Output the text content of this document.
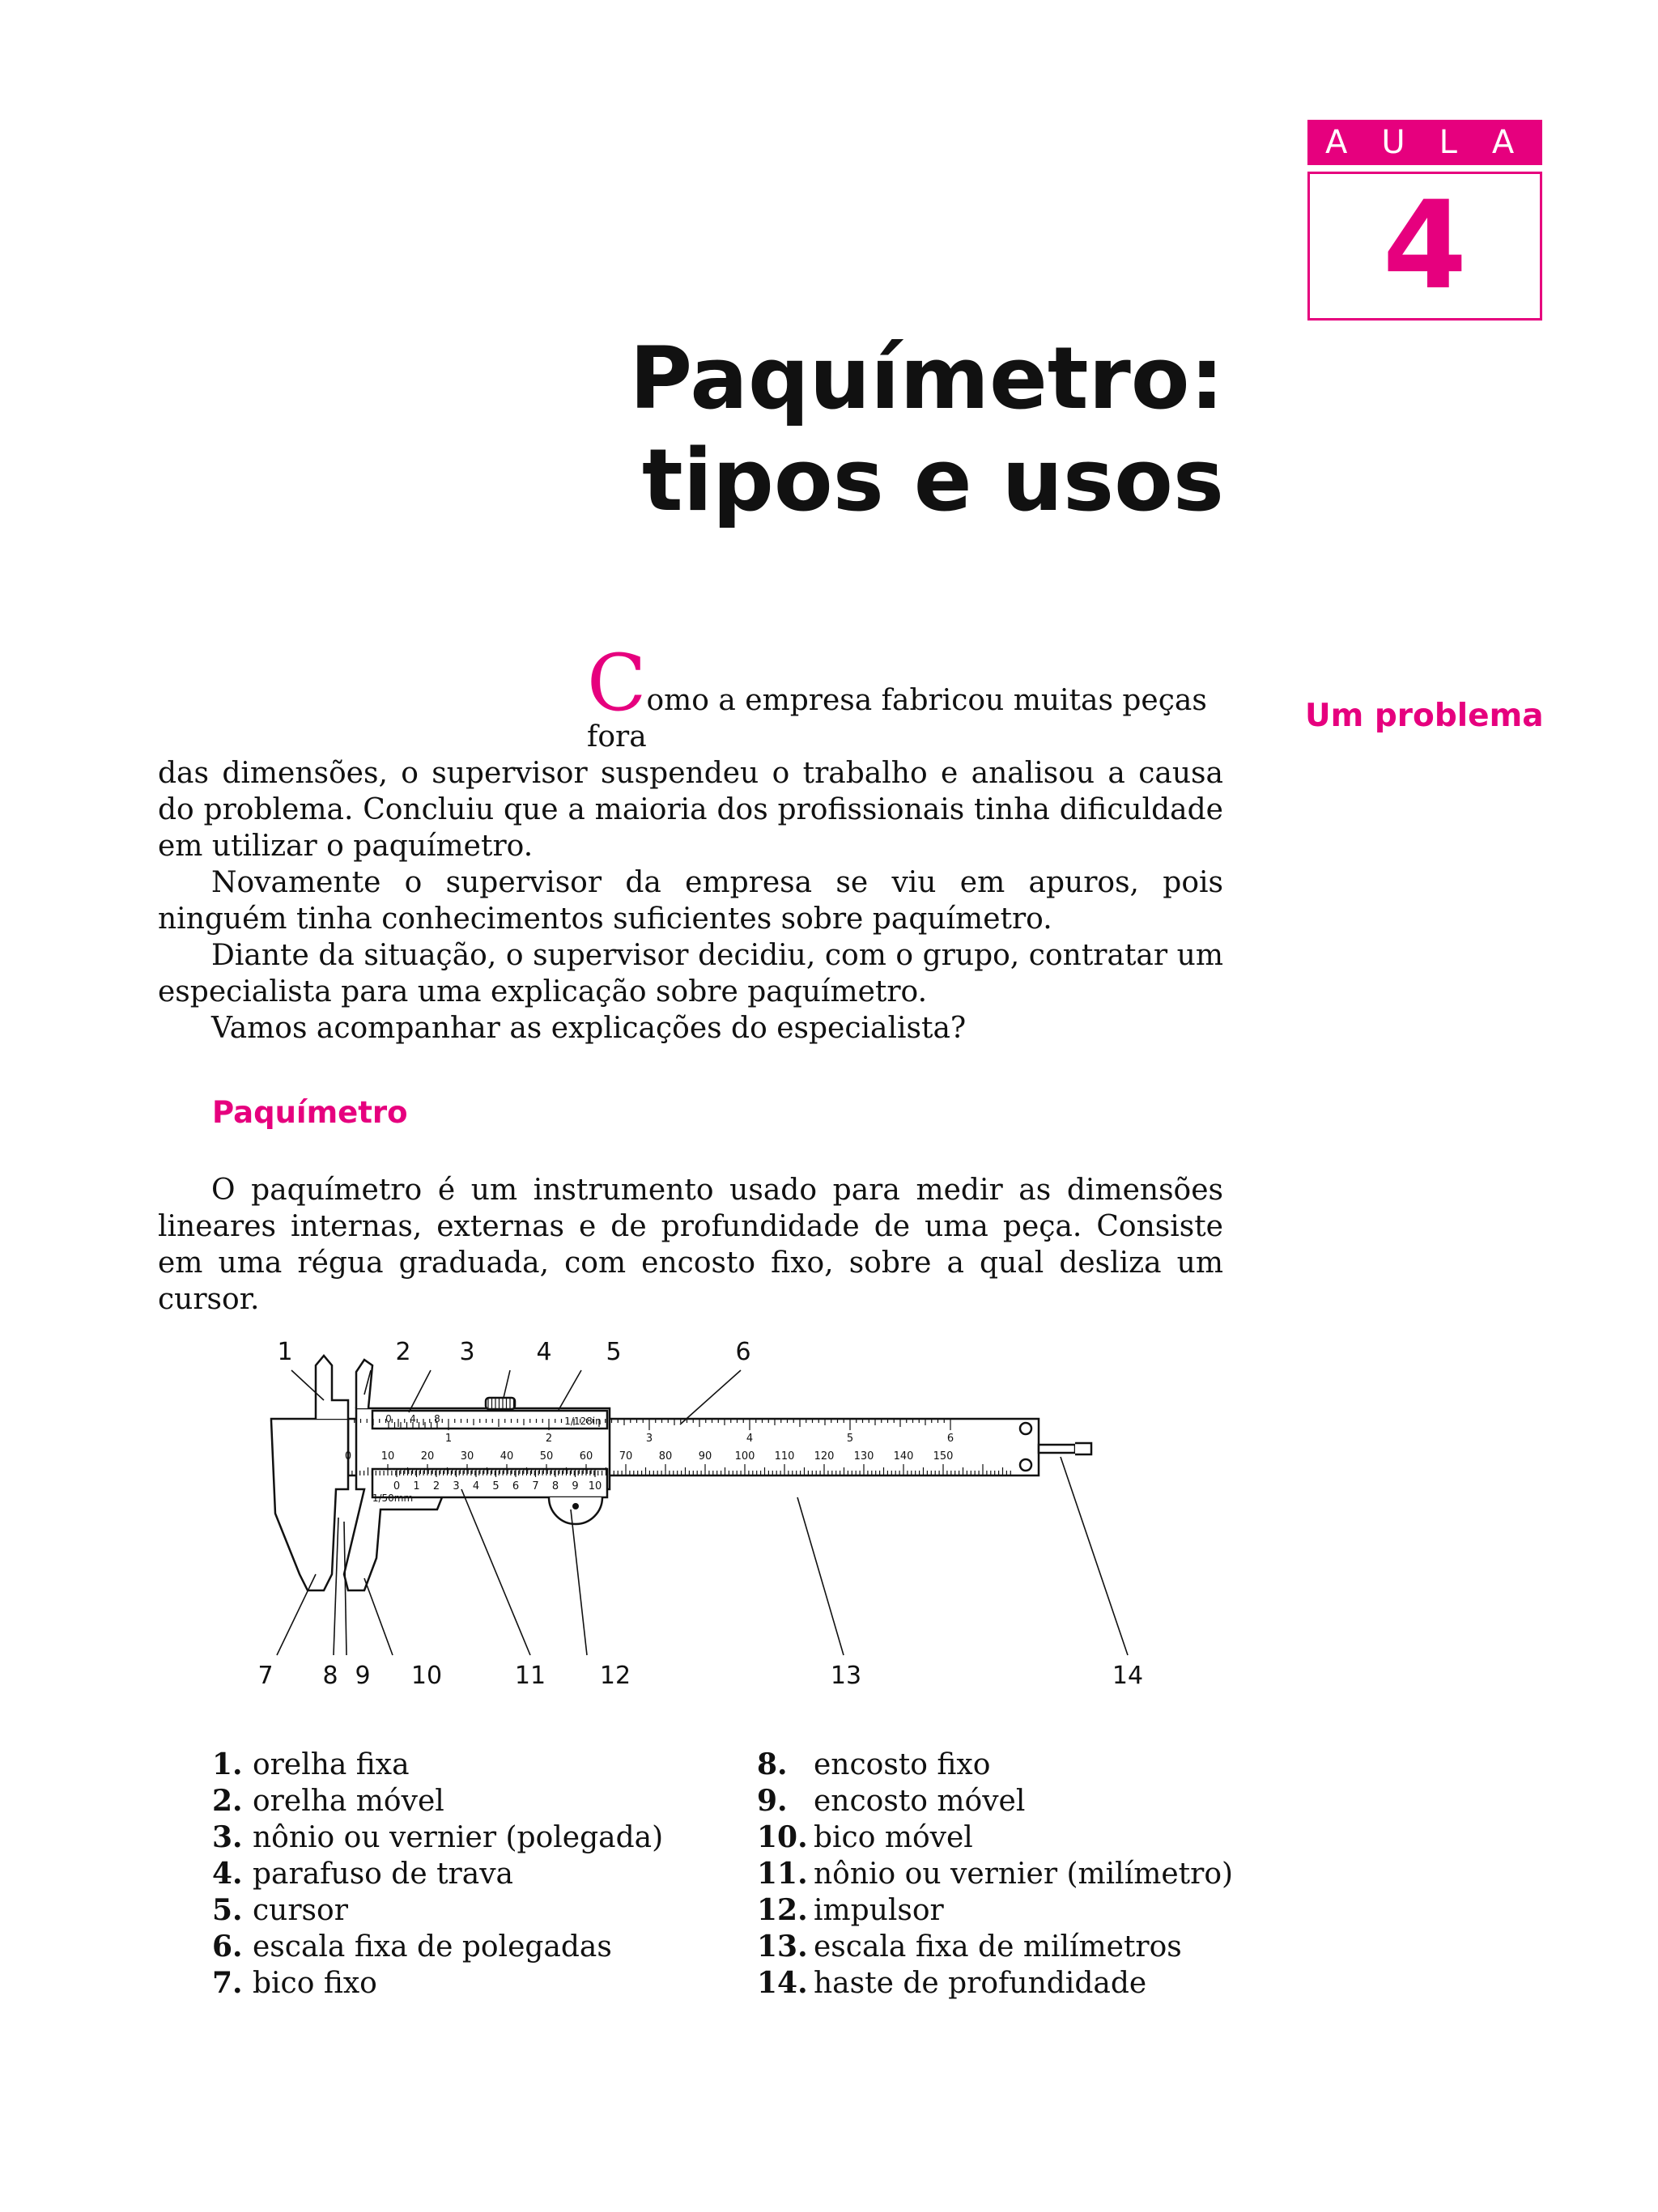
AULA
4
Paquímetro:
tipos e usos
Um problema

Como a empresa fabricou muitas peças fora
das dimensões, o supervisor suspendeu o trabalho e analisou a causa do problema. Concluiu que a maioria dos profissionais tinha dificuldade em utilizar o paquímetro.

Novamente o supervisor da empresa se viu em apuros, pois ninguém tinha conhecimentos suficientes sobre paquímetro.

Diante da situação, o supervisor decidiu, com o grupo, contratar um especialista para uma explicação sobre paquímetro.

Vamos acompanhar as explicações do especialista?

Paquímetro

O paquímetro é um instrumento usado para medir as dimensões lineares internas, externas e de profundidade de uma peça. Consiste em uma régua graduada, com encosto fixo, sobre a qual desliza um cursor.

0	10 20 30 40 50 60 70 80 90 100 110 120 130 140 150
1	2	3	4	5	6
0 4 8	1/128in
0 1 2 3 4 5 6 7 8 9 10
1/50mm
1	2 3	4 5	6
7 8 9 10	11 12	13	14
1. orelha fixa
2. orelha móvel
3. nônio ou vernier (polegada)
4. parafuso de trava
5. cursor
6. escala fixa de polegadas
7. bico fixo
8. encosto fixo
9. encosto móvel
10. bico móvel
11. nônio ou vernier (milímetro)
12. impulsor
13. escala fixa de milímetros
14. haste de profundidade
